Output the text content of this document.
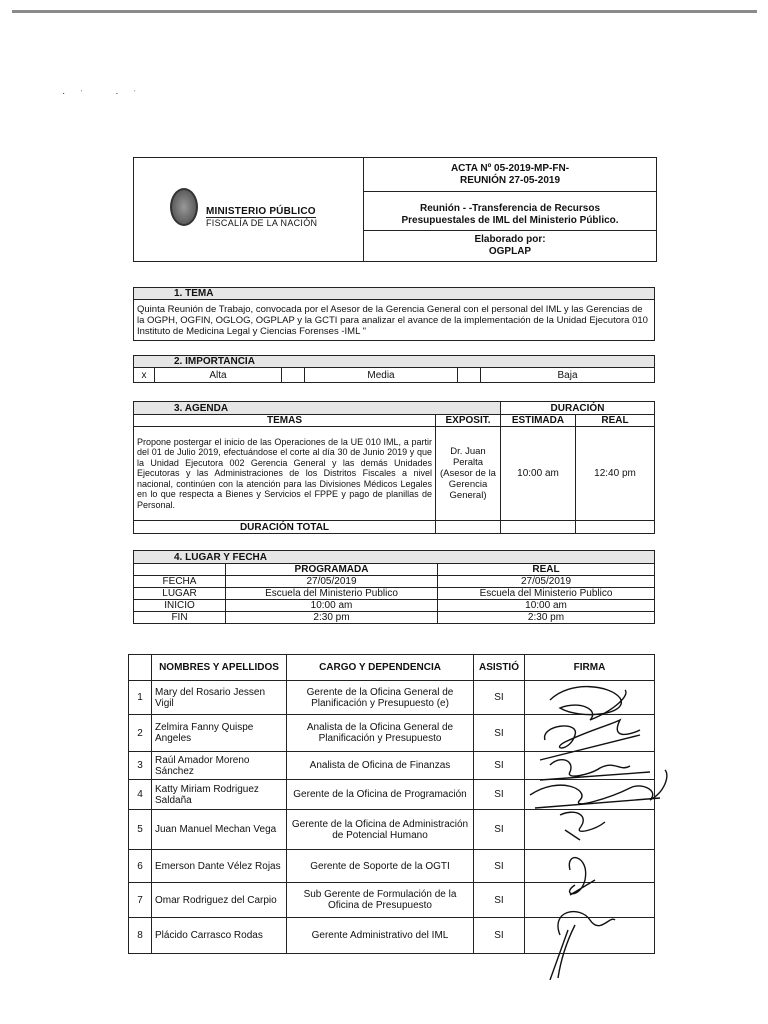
· ˑ   · ˑ
MINISTERIO PÚBLICO
FISCALÍA DE LA NACIÓN
ACTA Nº 05-2019-MP-FN-
REUNIÓN 27-05-2019
Reunión - -Transferencia de Recursos
Presupuestales de IML del Ministerio Público.
Elaborado por:
OGPLAP
1. TEMA
Quinta Reunión de Trabajo, convocada por el Asesor de la Gerencia General con el personal del IML y las Gerencias de la OGPH, OGFIN, OGLOG, OGPLAP y la GCTI para analizar el avance de la implementación de la Unidad Ejecutora 010 Instituto de Medicina Legal y Ciencias Forenses -IML "
2. IMPORTANCIA
x	Alta		Media		Baja
3. AGENDA		DURACIÓN	
TEMAS	EXPOSIT.	ESTIMADA	REAL
Propone postergar el inicio de las Operaciones de la UE 010 IML, a partir del 01 de Julio 2019, efectuándose el corte al día 30 de Junio 2019 y que la Unidad Ejecutora 002 Gerencia General y las demás Unidades Ejecutoras y las Administraciones de los Distritos Fiscales a nivel nacional, continúen con la atención para las Divisiones Médicos Legales en lo que respecta a Bienes y Servicios el FPPE y pago de planillas de Personal.	Dr. Juan Peralta (Asesor de la Gerencia General)	10:00 am	12:40 pm
DURACIÓN TOTAL			
4. LUGAR Y FECHA		
	PROGRAMADA	REAL
FECHA	27/05/2019	27/05/2019
LUGAR	Escuela del Ministerio Publico	Escuela del Ministerio Publico
INICIO	10:00 am	10:00 am
FIN	2:30 pm	2:30 pm
	NOMBRES Y APELLIDOS	CARGO Y DEPENDENCIA	ASISTIÓ	FIRMA
1	Mary del Rosario Jessen Vigil	Gerente de la Oficina General de Planificación y Presupuesto (e)	SI	
2	Zelmira Fanny Quispe Angeles	Analista de la Oficina General de Planificación y Presupuesto	SI	
3	Raúl Amador Moreno Sánchez	Analista de Oficina de Finanzas	SI	
4	Katty Miriam Rodriguez Saldaña	Gerente de la Oficina de Programación	SI	
5	Juan Manuel Mechan Vega	Gerente de la Oficina de Administración de Potencial Humano	SI	
6	Emerson Dante Vélez Rojas	Gerente de Soporte de la OGTI	SI	
7	Omar Rodriguez del Carpio	Sub Gerente de Formulación de la Oficina de Presupuesto	SI	
8	Plácido Carrasco Rodas	Gerente Administrativo del IML	SI	
